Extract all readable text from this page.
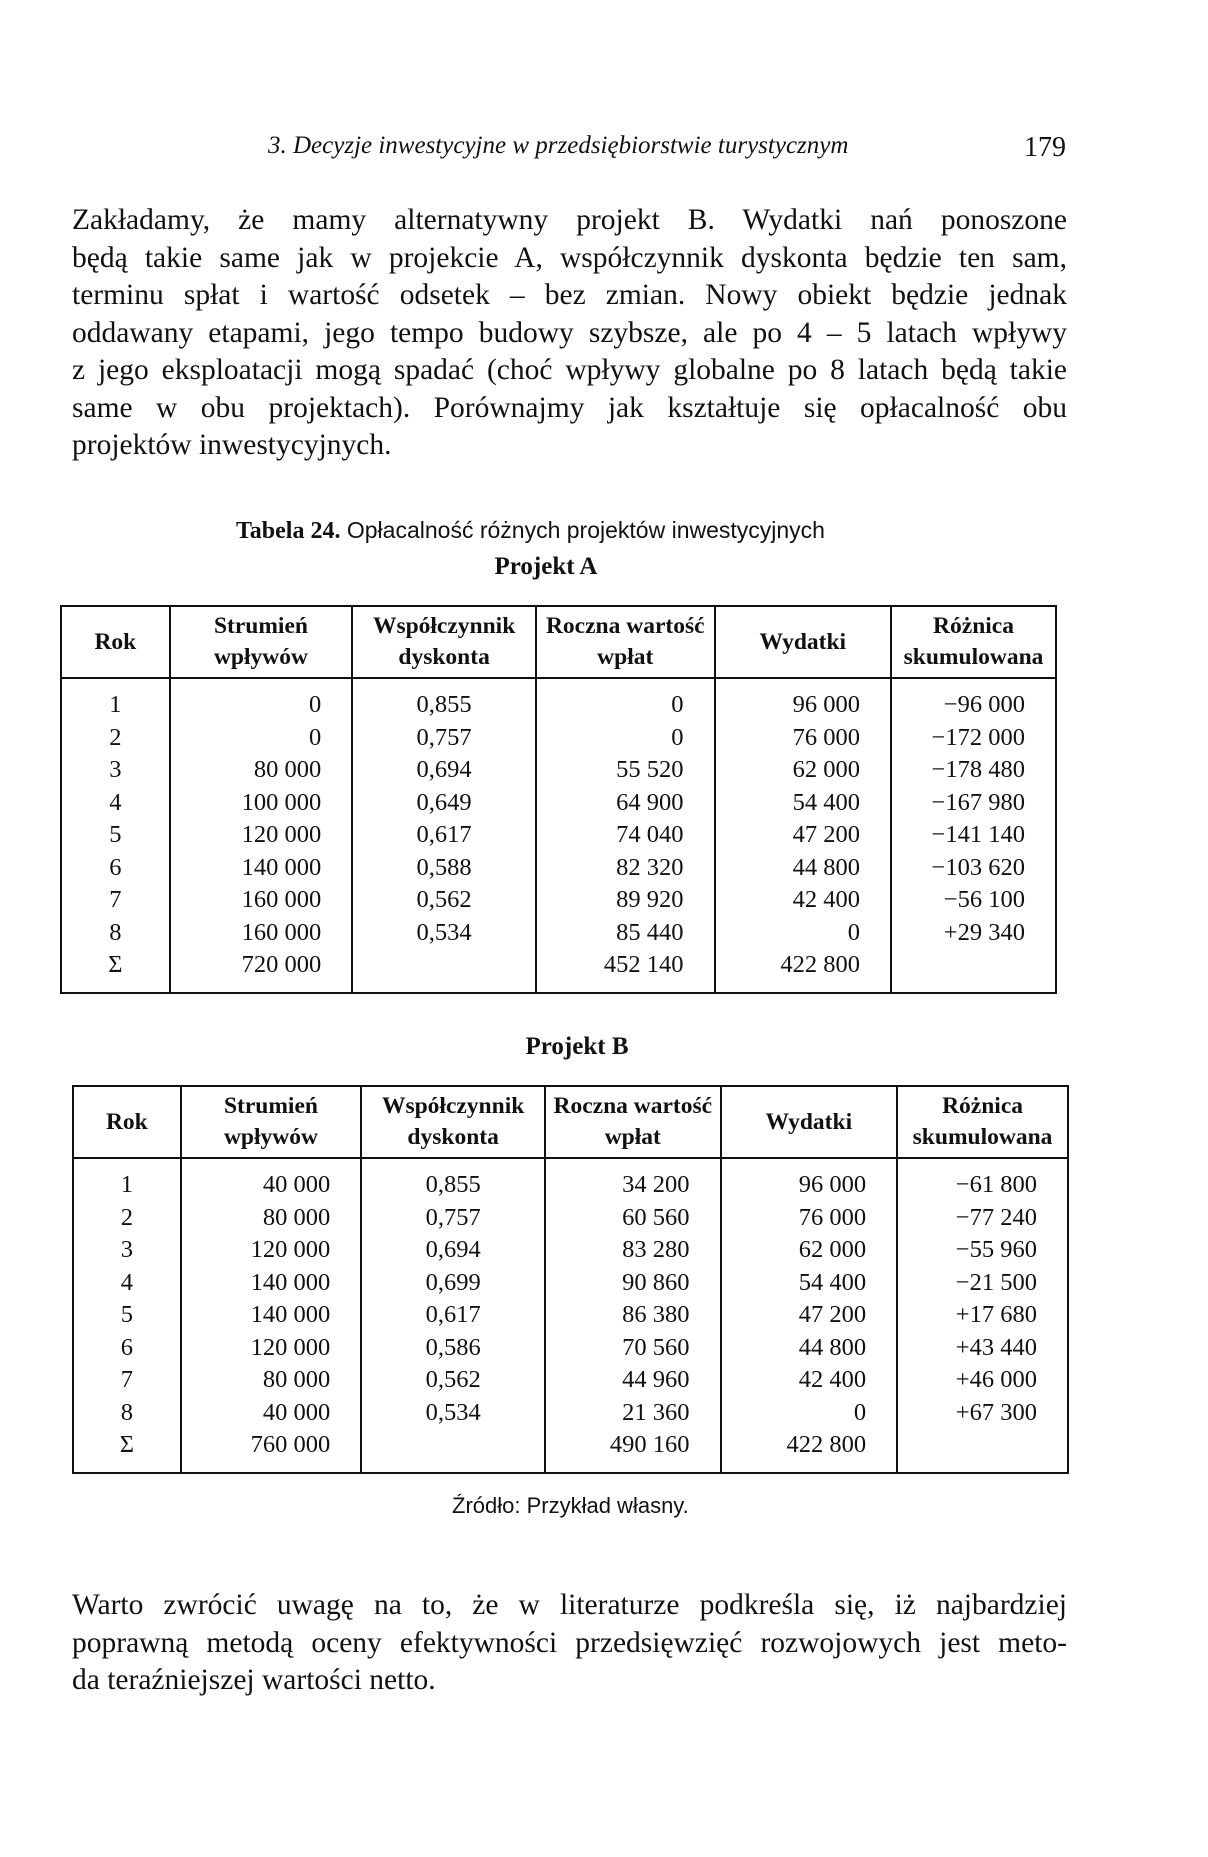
3. Decyzje inwestycyjne w przedsiębiorstwie turystycznym	179
Zakładamy, że mamy alternatywny projekt B. Wydatki nań ponoszone
będą takie same jak w projekcie A, współczynnik dyskonta będzie ten sam,
terminu spłat i wartość odsetek – bez zmian. Nowy obiekt będzie jednak
oddawany etapami, jego tempo budowy szybsze, ale po 4 – 5 latach wpływy
z jego eksploatacji mogą spadać (choć wpływy globalne po 8 latach będą takie
same w obu projektach). Porównajmy jak kształtuje się opłacalność obu
projektów inwestycyjnych.
Tabela 24. Opłacalność różnych projektów inwestycyjnych
Projekt A
Rok	Strumień wpływów	Współczynnik dyskonta	Roczna wartość wpłat	Wydatki	Różnica skumulowana
1	0	0,855	0	96 000	−96 000
2	0	0,757	0	76 000	−172 000
3	80 000	0,694	55 520	62 000	−178 480
4	100 000	0,649	64 900	54 400	−167 980
5	120 000	0,617	74 040	47 200	−141 140
6	140 000	0,588	82 320	44 800	−103 620
7	160 000	0,562	89 920	42 400	−56 100
8	160 000	0,534	85 440	0	+29 340
Σ	720 000		452 140	422 800	
Projekt B
Rok	Strumień wpływów	Współczynnik dyskonta	Roczna wartość wpłat	Wydatki	Różnica skumulowana
1	40 000	0,855	34 200	96 000	−61 800
2	80 000	0,757	60 560	76 000	−77 240
3	120 000	0,694	83 280	62 000	−55 960
4	140 000	0,699	90 860	54 400	−21 500
5	140 000	0,617	86 380	47 200	+17 680
6	120 000	0,586	70 560	44 800	+43 440
7	80 000	0,562	44 960	42 400	+46 000
8	40 000	0,534	21 360	0	+67 300
Σ	760 000		490 160	422 800	
Źródło: Przykład własny.
Warto zwrócić uwagę na to, że w literaturze podkreśla się, iż najbardziej
poprawną metodą oceny efektywności przedsięwzięć rozwojowych jest meto-
da teraźniejszej wartości netto.
